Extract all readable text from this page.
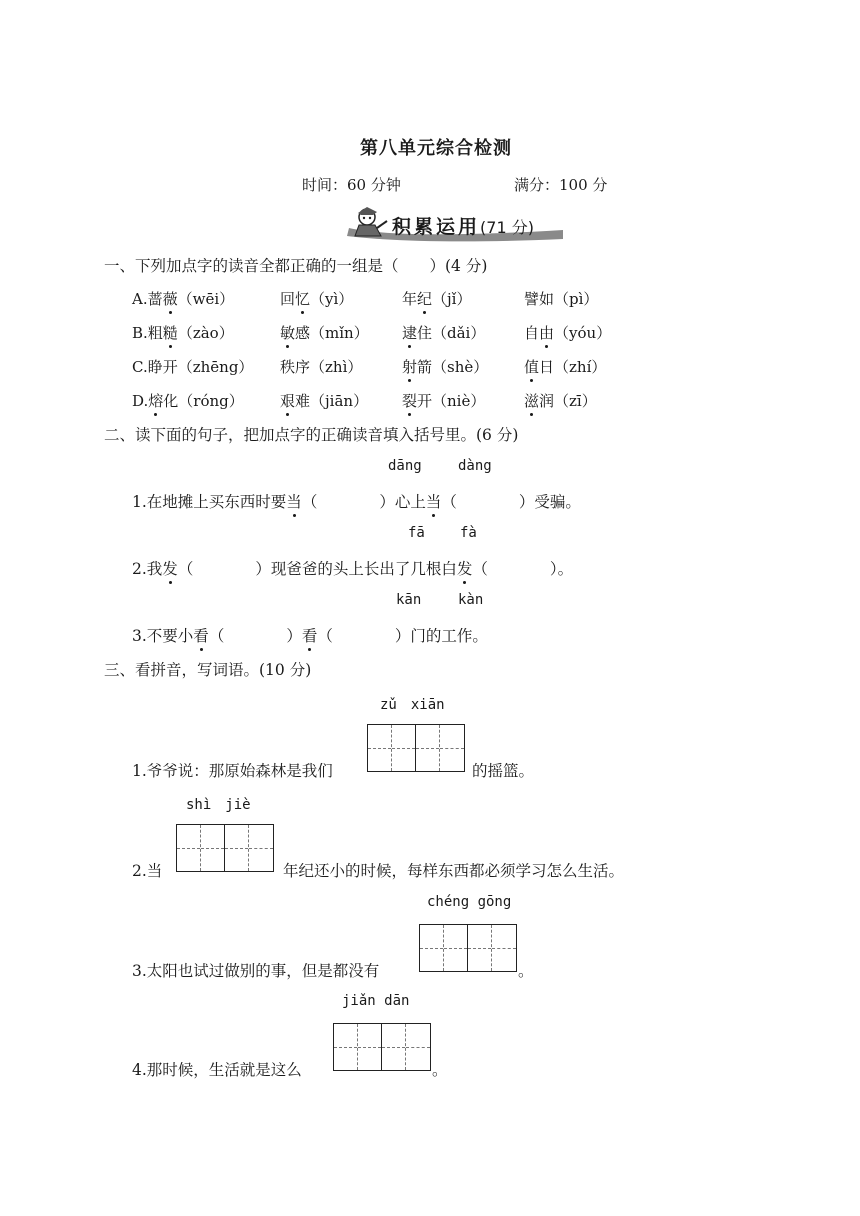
第八单元综合检测
时间：60 分钟	满分：100 分
积累运用(71 分)
一、下列加点字的读音全都正确的一组是（　　）(4 分)
A.蔷薇（wēi）	回忆（yì）	年纪（jǐ）	譬如（pì）
B.粗糙（zào）	敏感（mǐn） 逮住（dǎi）	自由（yóu）
C.睁开（zhēng） 秩序（zhì）	射箭（shè） 值日（zhí）
D.熔化（róng） 艰难（jiān） 裂开（niè）	滋润（zī）
二、读下面的句子，把加点字的正确读音填入括号里。(6 分)
dāng	dàng
1.在地摊上买东西时要当（	）心上当（	）受骗。
fā	fà
2.我发（	）现爸爸的头上长出了几根白发（	）。
kān	kàn
3.不要小看（	）看（	）门的工作。
三、看拼音，写词语。(10 分)
zǔ　xiān
1.爷爷说：那原始森林是我们	的摇篮。
shì　jiè
2.当	年纪还小的时候，每样东西都必须学习怎么生活。
chéng gōng
3.太阳也试过做别的事，但是都没有	。
jiǎn dān
4.那时候，生活就是这么	。
